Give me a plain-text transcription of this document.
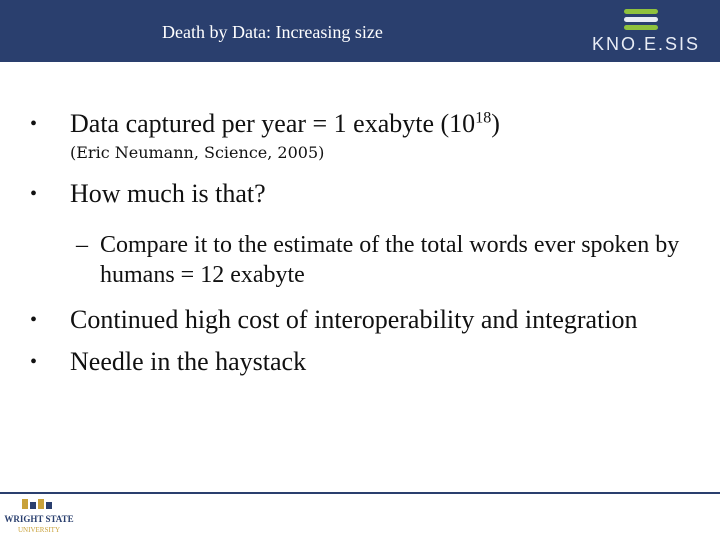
Death by Data: Increasing size
KNO.E.SIS
• Data captured per year = 1 exabyte $(10^{18})$
(Eric Neumann, Science, 2005)
• How much is that?
– Compare it to the estimate of the total words ever spoken by humans = 12 exabyte
• Continued high cost of interoperability and integration
• Needle in the haystack
WRIGHT STATE
UNIVERSITY
